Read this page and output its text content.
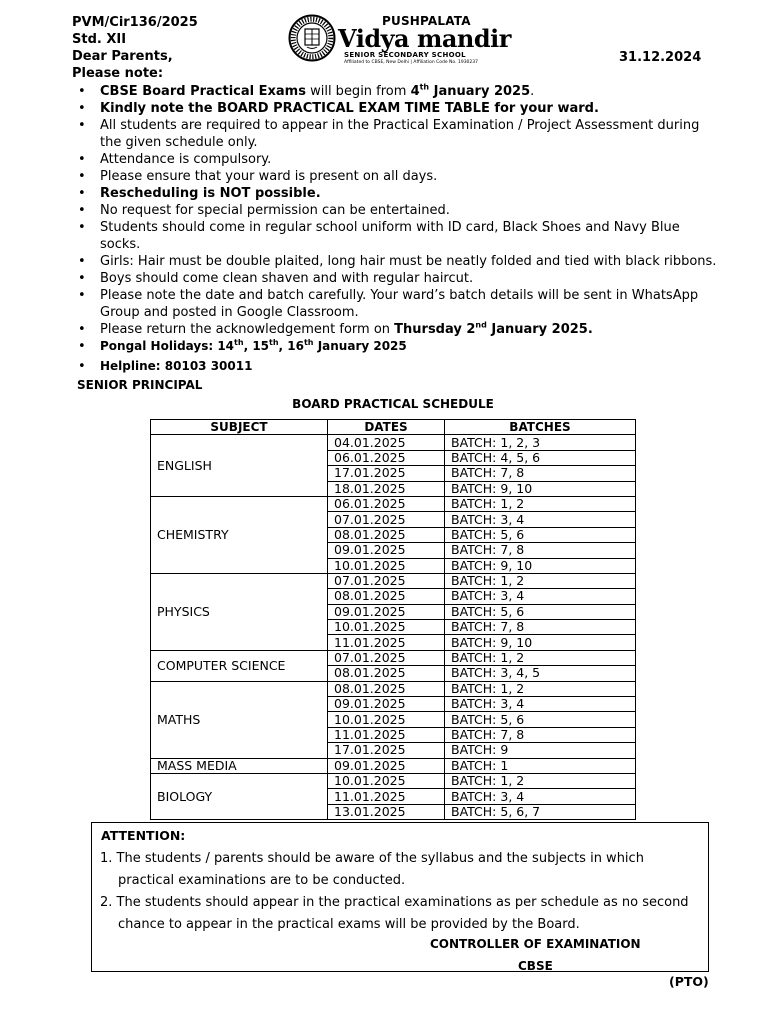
PVM/Cir136/2025
Std. XII
Dear Parents,
Please note:
PUSHPALATA
Vidya mandir
SENIOR SECONDARY SCHOOL
Affiliated to CBSE, New Delhi | Affiliation Code No. 1930237	31.12.2024
• CBSE Board Practical Exams will begin from 4th January 2025.
• Kindly note the BOARD PRACTICAL EXAM TIME TABLE for your ward.
• All students are required to appear in the Practical Examination / Project Assessment during the given schedule only.
• Attendance is compulsory.
• Please ensure that your ward is present on all days.
• Rescheduling is NOT possible.
• No request for special permission can be entertained.
• Students should come in regular school uniform with ID card, Black Shoes and Navy Blue socks.
• Girls: Hair must be double plaited, long hair must be neatly folded and tied with black ribbons.
• Boys should come clean shaven and with regular haircut.
• Please note the date and batch carefully. Your ward’s batch details will be sent in WhatsApp Group and posted in Google Classroom.
• Please return the acknowledgement form on Thursday 2nd January 2025.
• Pongal Holidays: 14th, 15th, 16th January 2025
• Helpline: 80103 30011
SENIOR PRINCIPAL
BOARD PRACTICAL SCHEDULE
SUBJECT	DATES	BATCHES
ENGLISH	04.01.2025	BATCH: 1, 2, 3
	06.01.2025	BATCH: 4, 5, 6
	17.01.2025	BATCH: 7, 8
	18.01.2025	BATCH: 9, 10
CHEMISTRY	06.01.2025	BATCH: 1, 2
	07.01.2025	BATCH: 3, 4
	08.01.2025	BATCH: 5, 6
	09.01.2025	BATCH: 7, 8
	10.01.2025	BATCH: 9, 10
PHYSICS	07.01.2025	BATCH: 1, 2
	08.01.2025	BATCH: 3, 4
	09.01.2025	BATCH: 5, 6
	10.01.2025	BATCH: 7, 8
	11.01.2025	BATCH: 9, 10
COMPUTER SCIENCE	07.01.2025	BATCH: 1, 2
	08.01.2025	BATCH: 3, 4, 5
MATHS	08.01.2025	BATCH: 1, 2
	09.01.2025	BATCH: 3, 4
	10.01.2025	BATCH: 5, 6
	11.01.2025	BATCH: 7, 8
	17.01.2025	BATCH: 9
MASS MEDIA	09.01.2025	BATCH: 1
BIOLOGY	10.01.2025	BATCH: 1, 2
	11.01.2025	BATCH: 3, 4
	13.01.2025	BATCH: 5, 6, 7
ATTENTION:
1. The students / parents should be aware of the syllabus and the subjects in which practical examinations are to be conducted.
2. The students should appear in the practical examinations as per schedule as no second chance to appear in the practical exams will be provided by the Board.
CONTROLLER OF EXAMINATION
CBSE
(PTO)
